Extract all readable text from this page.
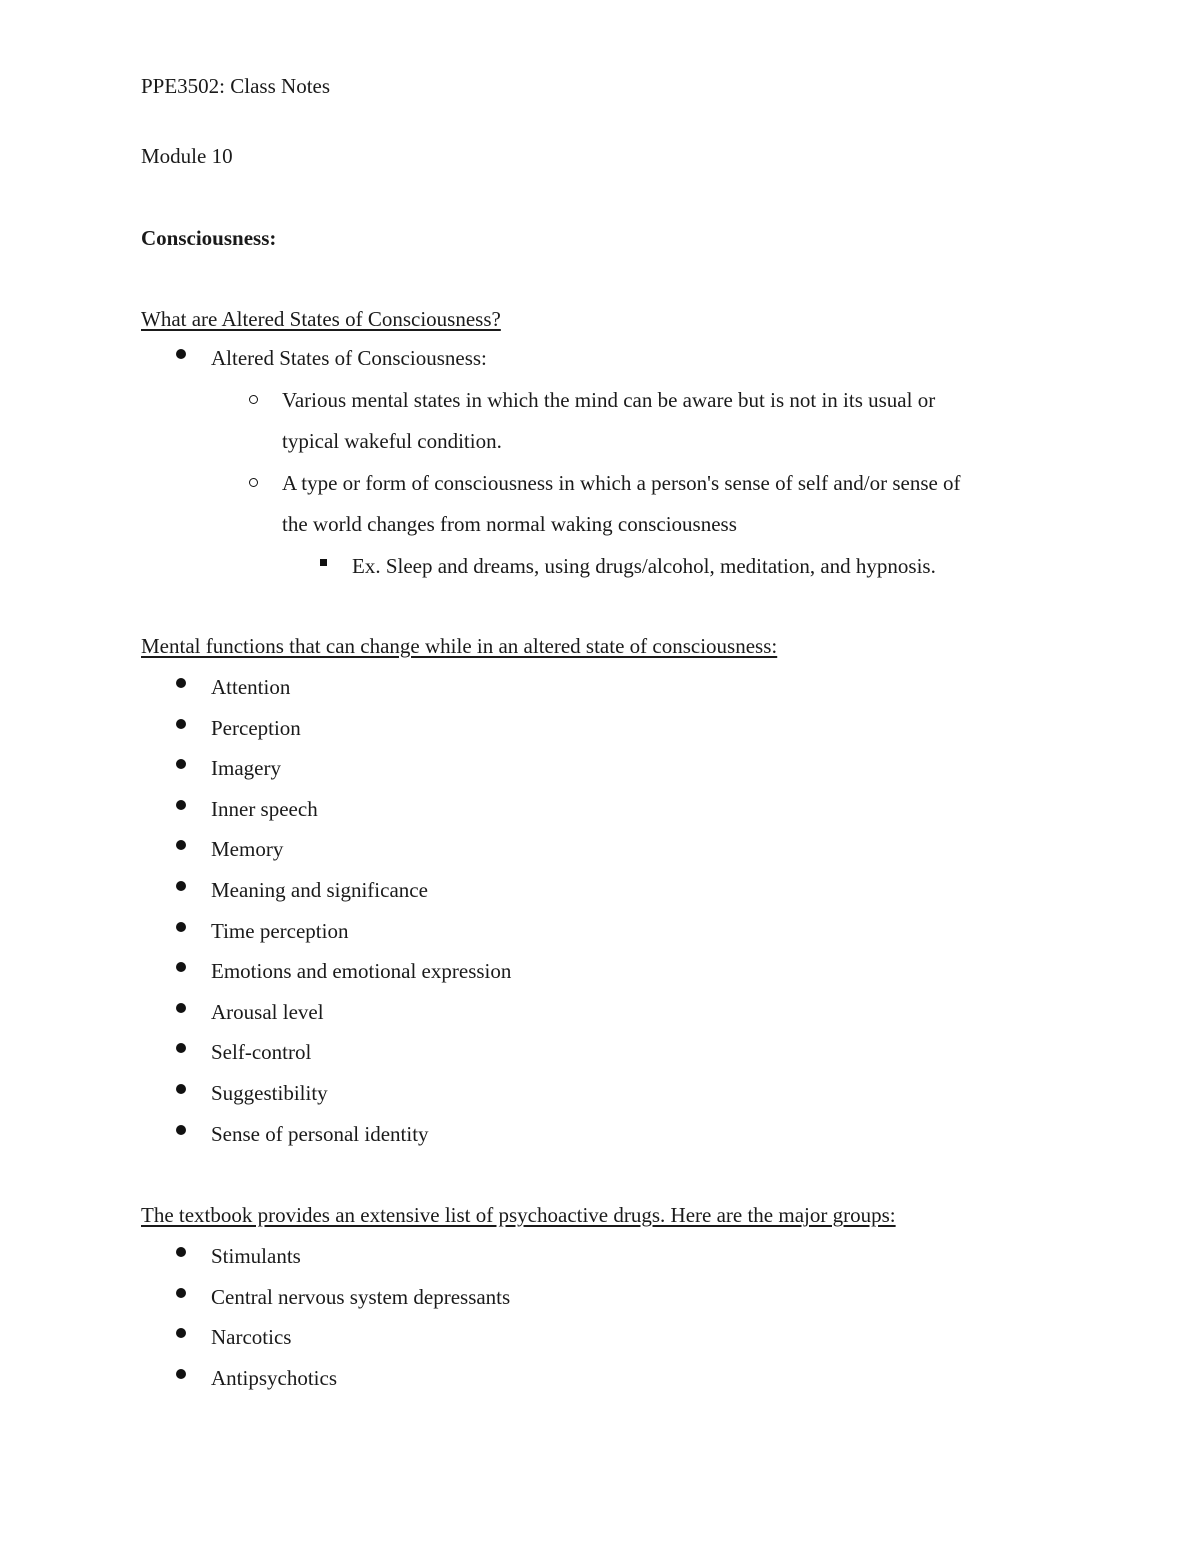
PPE3502: Class Notes
Module 10
Consciousness:
What are Altered States of Consciousness?
Altered States of Consciousness:
Various mental states in which the mind can be aware but is not in its usual or
typical wakeful condition.
A type or form of consciousness in which a person's sense of self and/or sense of
the world changes from normal waking consciousness
Ex. Sleep and dreams, using drugs/alcohol, meditation, and hypnosis.
Mental functions that can change while in an altered state of consciousness:
Attention
Perception
Imagery
Inner speech
Memory
Meaning and significance
Time perception
Emotions and emotional expression
Arousal level
Self-control
Suggestibility
Sense of personal identity
The textbook provides an extensive list of psychoactive drugs. Here are the major groups:
Stimulants
Central nervous system depressants
Narcotics
Antipsychotics
